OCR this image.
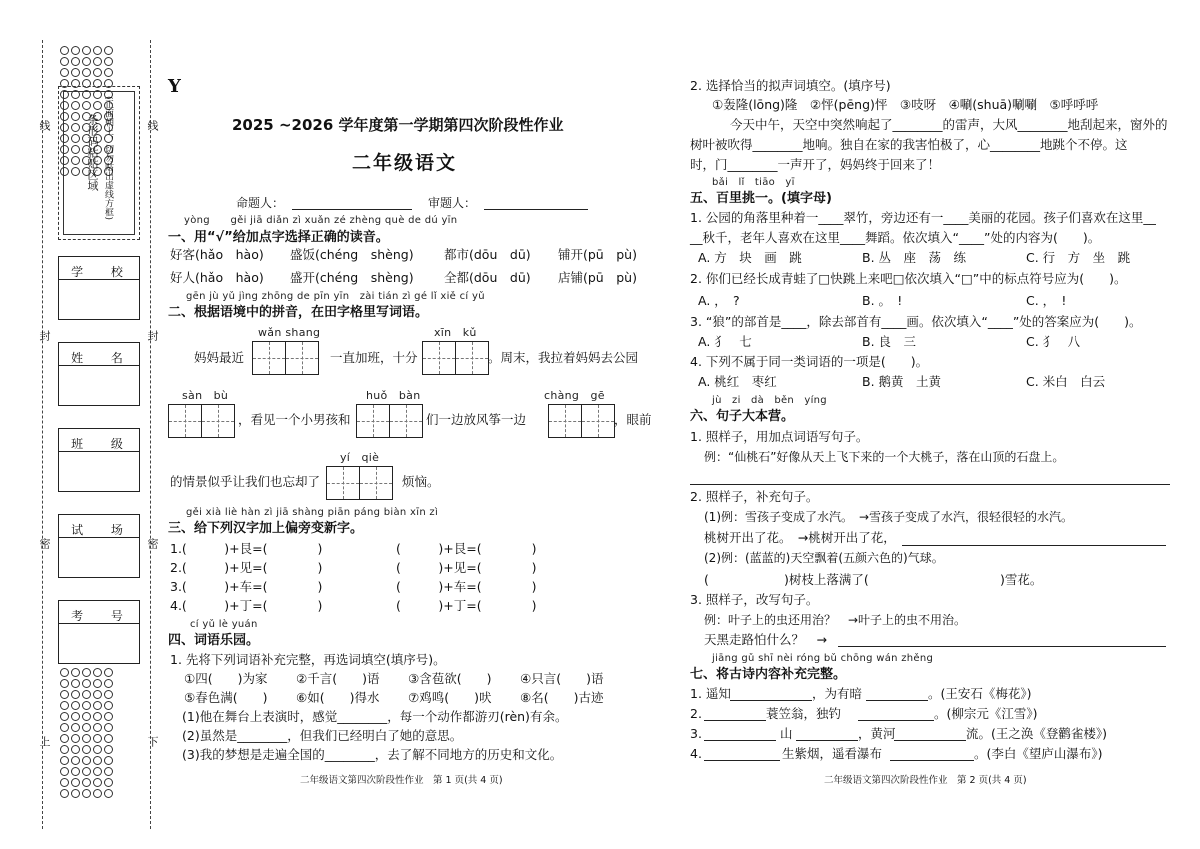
线
封
密
上
线
封
密
下
条形码粘贴区域 (正面朝上，切勿贴出虚线方框)
学 校
姓 名
班 级
试 场
考 号
Y
2025 ~2026 学年度第一学期第四次阶段性作业
二年级语文
命题人：	审题人：
yòng　　gěi jiā diǎn zì xuǎn zé zhèng què de dú yīn
一、用“√”给加点字选择正确的读音。
好客(hǎo　hào) 盛饭(chéng　shèng) 都市(dōu　dū) 铺开(pū　pù)
好人(hǎo　hào) 盛开(chéng　shèng) 全都(dōu　dū) 店铺(pū　pù)
gēn jù yǔ jìng zhōng de pīn yīn　zài tián zì gé lǐ xiě cí yǔ
二、根据语境中的拼音，在田字格里写词语。
wǎn shang	xīn　kǔ
妈妈最近	一直加班，十分	。周末，我拉着妈妈去公园
sàn　bù	huǒ　bàn	chàng　gē
，看见一个小男孩和	们一边放风筝一边	，眼前
yí　qiè
的情景似乎让我们也忘却了	烦恼。
gěi xià liè hàn zì jiā shàng piān páng biàn xīn zì
三、给下列汉字加上偏旁变新字。
1.(　　　)+艮=(　　　　)	(　　　)+艮=(　　　　)
2.(　　　)+见=(　　　　)	(　　　)+见=(　　　　)
3.(　　　)+车=(　　　　)	(　　　)+车=(　　　　)
4.(　　　)+丁=(　　　　)	(　　　)+丁=(　　　　)
cí yǔ lè yuán
四、词语乐园。
1. 先将下列词语补充完整，再选词填空(填序号)。
①四(　　)为家 ②千言(　　)语 ③含苞欲(　　) ④只言(　　)语
⑤春色满(　　) ⑥如(　　)得水 ⑦鸡鸣(　　)吠 ⑧名(　　)古迹
(1)他在舞台上表演时，感觉________，每一个动作都游刃(rèn)有余。
(2)虽然是________，但我们已经明白了她的意思。
(3)我的梦想是走遍全国的________，去了解不同地方的历史和文化。
二年级语文第四次阶段性作业　第 1 页(共 4 页)
2. 选择恰当的拟声词填空。(填序号)
①轰隆(lōng)隆　②怦(pēng)怦　③吱呀　④唰(shuā)唰唰　⑤呼呼呼
今天中午，天空中突然响起了________的雷声，大风________地刮起来，窗外的
树叶被吹得________地响。独自在家的我害怕极了，心________地跳个不停。这
时，门________一声开了，妈妈终于回来了！
bǎi　lǐ　tiāo　yī
五、百里挑一。(填字母)
1. 公园的角落里种着一____翠竹，旁边还有一____美丽的花园。孩子们喜欢在这里__
__秋千，老年人喜欢在这里____舞蹈。依次填入“____”处的内容为(　　)。
A. 方　块　画　跳	B. 丛　座　荡　练	C. 行　方　坐　跳
2. 你们已经长成青蛙了□快跳上来吧□依次填入“□”中的标点符号应为(　　)。
A. ，　?	B. 。　!	C. ，　!
3. “狼”的部首是____，除去部首有____画。依次填入“____”处的答案应为(　　)。
A. 犭　七	B. 良　三	C. 犭　八
4. 下列不属于同一类词语的一项是(　　)。
A. 桃红　枣红	B. 鹅黄　土黄	C. 米白　白云
jù　zi　dà　běn　yíng
六、句子大本营。
1. 照样子，用加点词语写句子。
例：“仙桃石”好像从天上飞下来的一个大桃子，落在山顶的石盘上。
2. 照样子，补充句子。
(1)例：雪孩子变成了水汽。　→雪孩子变成了水汽，很轻很轻的水汽。
桃树开出了花。　→桃树开出了花，
(2)例：(蓝蓝的)天空飘着(五颜六色的)气球。
(	)树枝上落满了(	)雪花。
3. 照样子，改写句子。
例：叶子上的虫还用治？　→叶子上的虫不用治。
天黑走路怕什么？　→
jiāng gǔ shī nèi róng bǔ chōng wán zhěng
七、将古诗内容补充完整。
1. 遥知	，为有暗	。(王安石《梅花》)
2.	蓑笠翁，独钓	。(柳宗元《江雪》)
3.	山	，黄河	流。(王之涣《登鹳雀楼》)
4.	生紫烟，遥看瀑布	。(李白《望庐山瀑布》)
二年级语文第四次阶段性作业　第 2 页(共 4 页)
